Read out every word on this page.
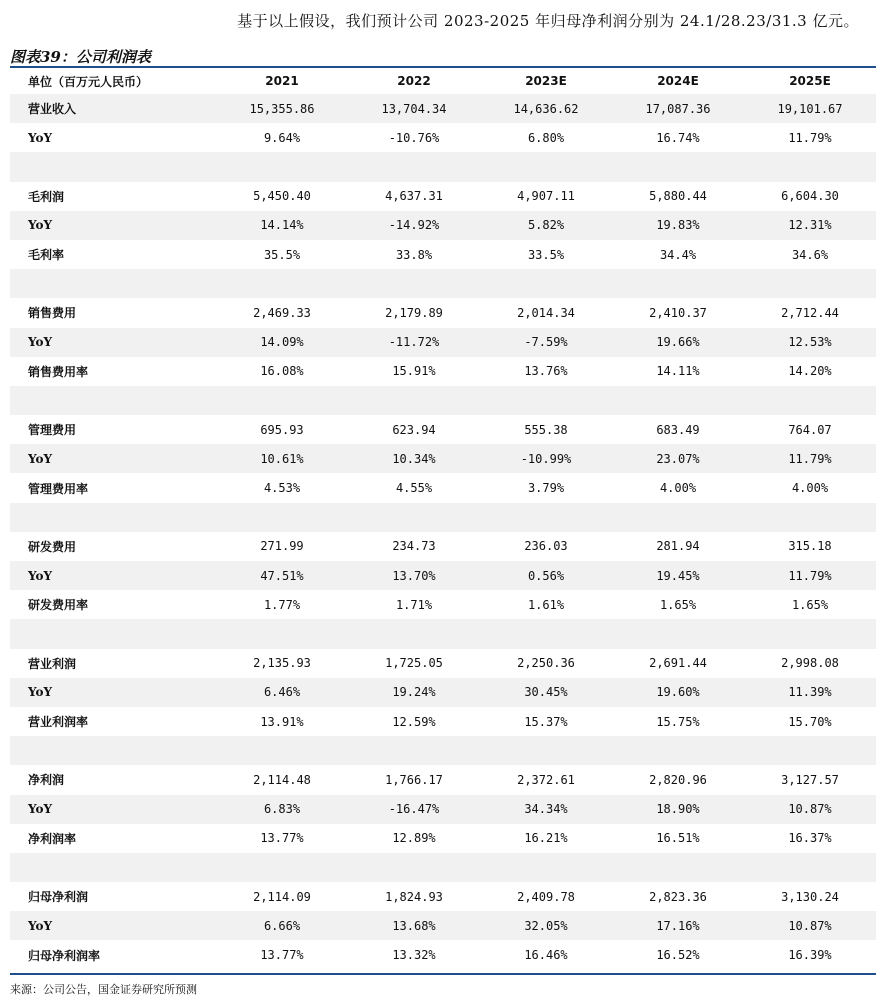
基于以上假设，我们预计公司 2023-2025 年归母净利润分别为 24.1/28.23/31.3 亿元。
图表39：公司利润表
单位（百万元人民币）	2021	2022	2023E	2024E	2025E
营业收入	15,355.86	13,704.34	14,636.62	17,087.36	19,101.67
YoY	9.64%	-10.76%	6.80%	16.74%	11.79%

毛利润	5,450.40	4,637.31	4,907.11	5,880.44	6,604.30
YoY	14.14%	-14.92%	5.82%	19.83%	12.31%
毛利率	35.5%	33.8%	33.5%	34.4%	34.6%

销售费用	2,469.33	2,179.89	2,014.34	2,410.37	2,712.44
YoY	14.09%	-11.72%	-7.59%	19.66%	12.53%
销售费用率	16.08%	15.91%	13.76%	14.11%	14.20%

管理费用	695.93	623.94	555.38	683.49	764.07
YoY	10.61%	10.34%	-10.99%	23.07%	11.79%
管理费用率	4.53%	4.55%	3.79%	4.00%	4.00%

研发费用	271.99	234.73	236.03	281.94	315.18
YoY	47.51%	13.70%	0.56%	19.45%	11.79%
研发费用率	1.77%	1.71%	1.61%	1.65%	1.65%

营业利润	2,135.93	1,725.05	2,250.36	2,691.44	2,998.08
YoY	6.46%	19.24%	30.45%	19.60%	11.39%
营业利润率	13.91%	12.59%	15.37%	15.75%	15.70%

净利润	2,114.48	1,766.17	2,372.61	2,820.96	3,127.57
YoY	6.83%	-16.47%	34.34%	18.90%	10.87%
净利润率	13.77%	12.89%	16.21%	16.51%	16.37%

归母净利润	2,114.09	1,824.93	2,409.78	2,823.36	3,130.24
YoY	6.66%	13.68%	32.05%	17.16%	10.87%
归母净利润率	13.77%	13.32%	16.46%	16.52%	16.39%
来源：公司公告，国金证券研究所预测
